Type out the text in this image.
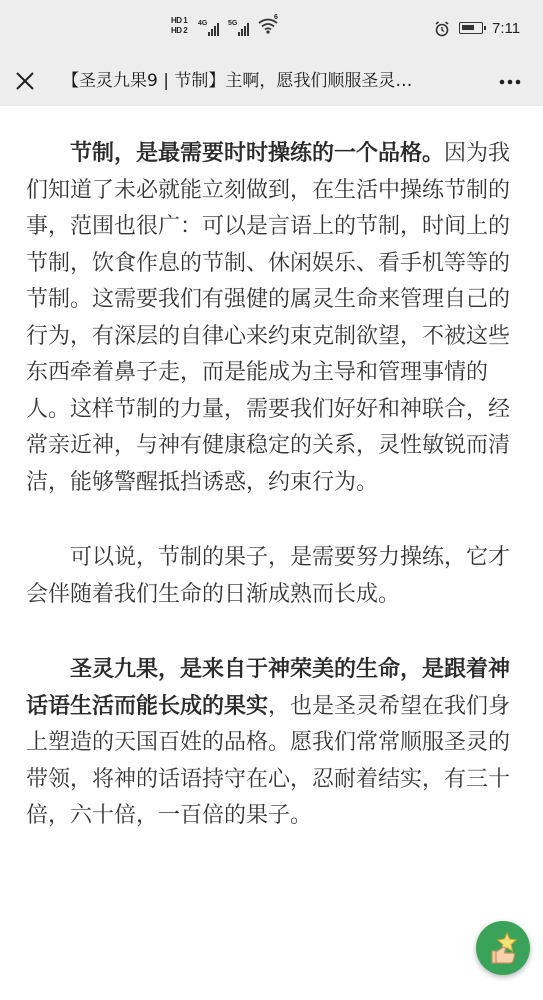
HD 1
HD 2
4G	5G
6
7:11
【圣灵九果9 | 节制】主啊，愿我们顺服圣灵…

节制，是最需要时时操练的一个品格。因为我们知道了未必就能立刻做到，在生活中操练节制的事，范围也很广：可以是言语上的节制，时间上的节制，饮食作息的节制、休闲娱乐、看手机等等的节制。这需要我们有强健的属灵生命来管理自己的行为，有深层的自律心来约束克制欲望，不被这些东西牵着鼻子走，而是能成为主导和管理事情的人。这样节制的力量，需要我们好好和神联合，经常亲近神，与神有健康稳定的关系，灵性敏锐而清洁，能够警醒抵挡诱惑，约束行为。

可以说，节制的果子，是需要努力操练，它才会伴随着我们生命的日渐成熟而长成。

圣灵九果，是来自于神荣美的生命，是跟着神话语生活而能长成的果实，也是圣灵希望在我们身上塑造的天国百姓的品格。愿我们常常顺服圣灵的带领，将神的话语持守在心，忍耐着结实，有三十倍，六十倍，一百倍的果子。
